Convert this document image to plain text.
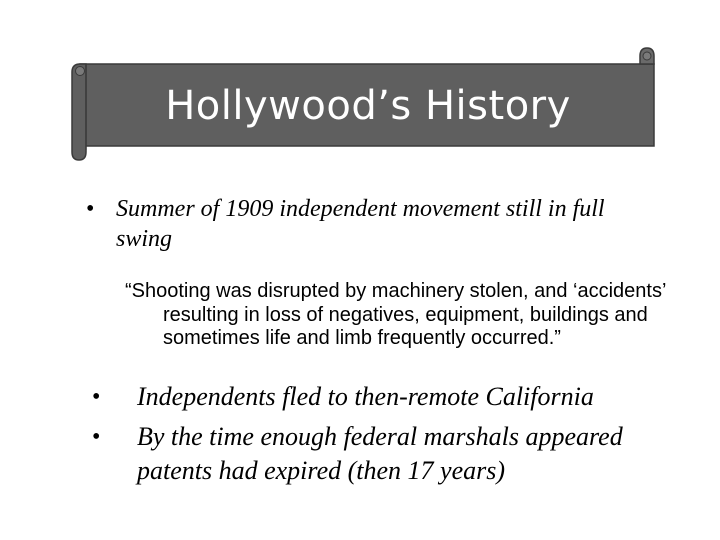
Hollywood’s History
• Summer of 1909 independent movement still in full swing
“Shooting was disrupted by machinery stolen, and ‘accidents’ resulting in loss of negatives, equipment, buildings and sometimes life and limb frequently occurred.”
•	Independents fled to then-remote California
•	By the time enough federal marshals appeared patents had expired (then 17 years)
